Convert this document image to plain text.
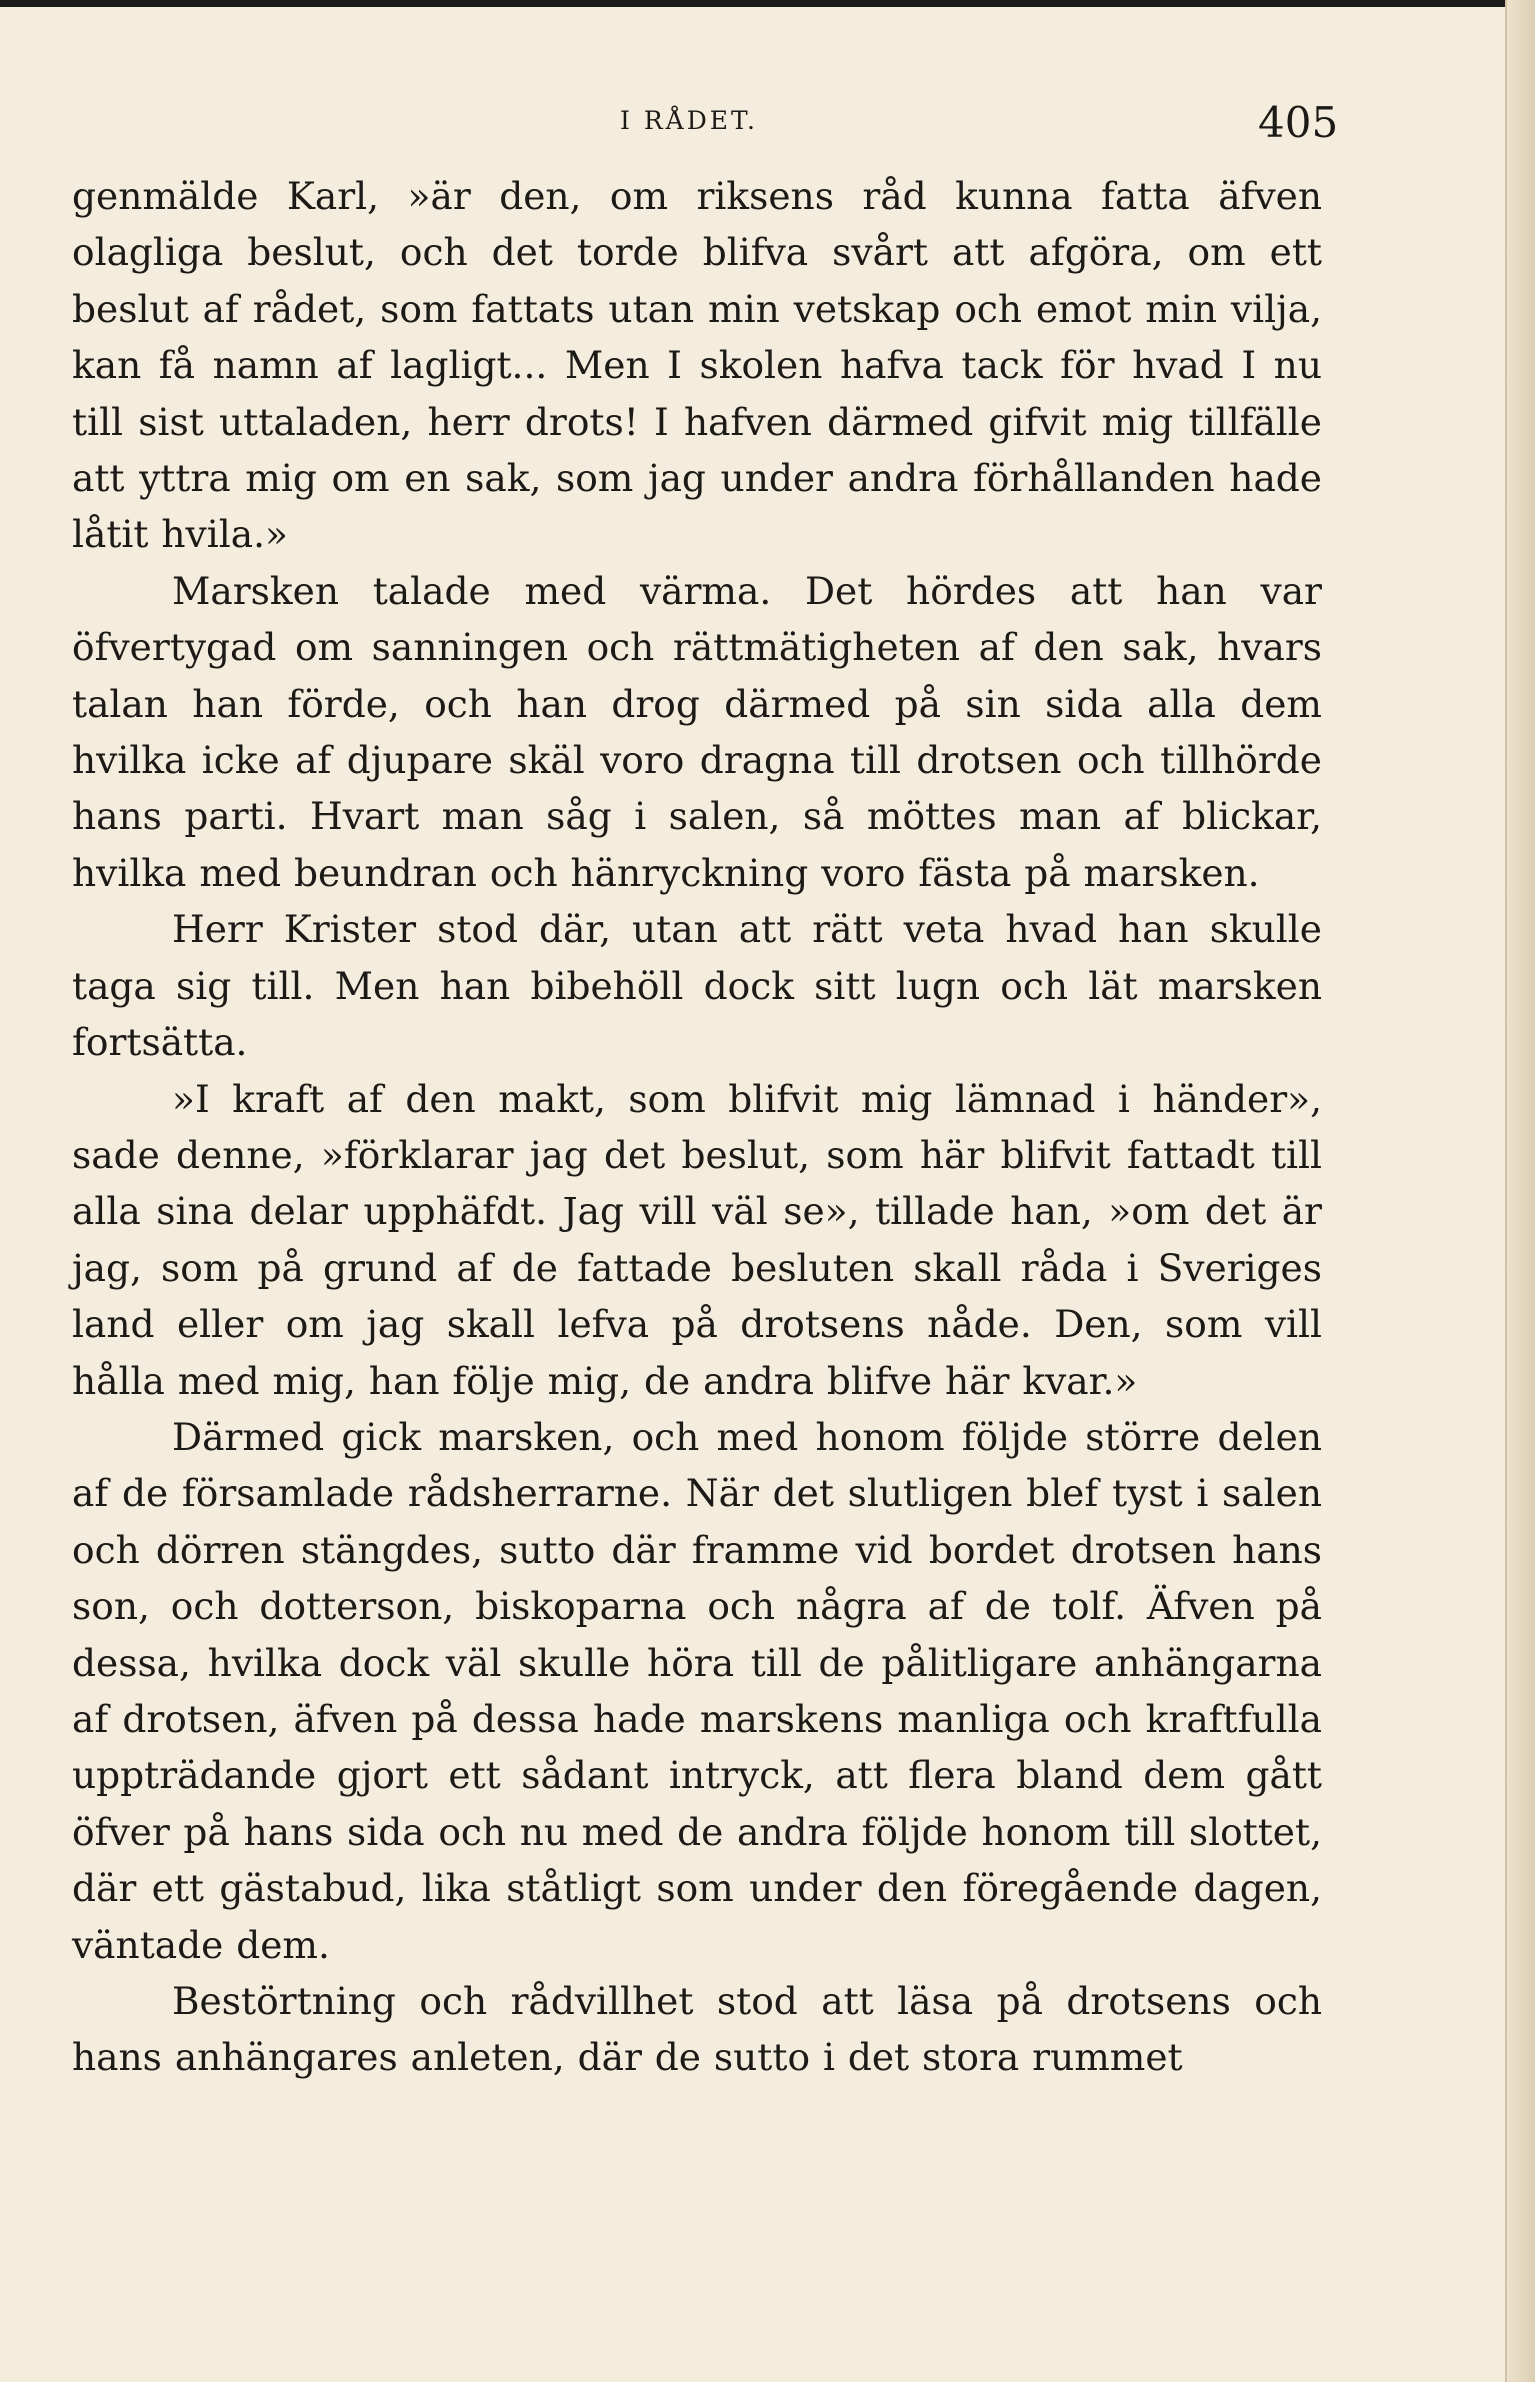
I RÅDET.	405

genmälde Karl, »är den, om riksens råd kunna fatta äfven olagliga beslut, och det torde blifva svårt att afgöra, om ett beslut af rådet, som fattats utan min vetskap och emot min vilja, kan få namn af lagligt... Men I skolen hafva tack för hvad I nu till sist uttaladen, herr drots! I hafven därmed gifvit mig tillfälle att yttra mig om en sak, som jag under andra förhållanden hade låtit hvila.»

Marsken talade med värma. Det hördes att han var öfvertygad om sanningen och rättmätigheten af den sak, hvars talan han förde, och han drog därmed på sin sida alla dem hvilka icke af djupare skäl voro dragna till drotsen och tillhörde hans parti. Hvart man såg i salen, så möttes man af blickar, hvilka med beundran och hänryckning voro fästa på marsken.

Herr Krister stod där, utan att rätt veta hvad han skulle taga sig till. Men han bibehöll dock sitt lugn och lät marsken fortsätta.

»I kraft af den makt, som blifvit mig lämnad i händer», sade denne, »förklarar jag det beslut, som här blifvit fattadt till alla sina delar upphäfdt. Jag vill väl se», tillade han, »om det är jag, som på grund af de fattade besluten skall råda i Sveriges land eller om jag skall lefva på drotsens nåde. Den, som vill hålla med mig, han följe mig, de andra blifve här kvar.»

Därmed gick marsken, och med honom följde större delen af de församlade rådsherrarne. När det slutligen blef tyst i salen och dörren stängdes, sutto där framme vid bordet drotsen hans son, och dotterson, biskoparna och några af de tolf. Äfven på dessa, hvilka dock väl skulle höra till de pålitligare anhängarna af drotsen, äfven på dessa hade marskens manliga och kraftfulla uppträdande gjort ett sådant intryck, att flera bland dem gått öfver på hans sida och nu med de andra följde honom till slottet, där ett gästabud, lika ståtligt som under den föregående dagen, väntade dem.

Bestörtning och rådvillhet stod att läsa på drotsens och hans anhängares anleten, där de sutto i det stora rummet
